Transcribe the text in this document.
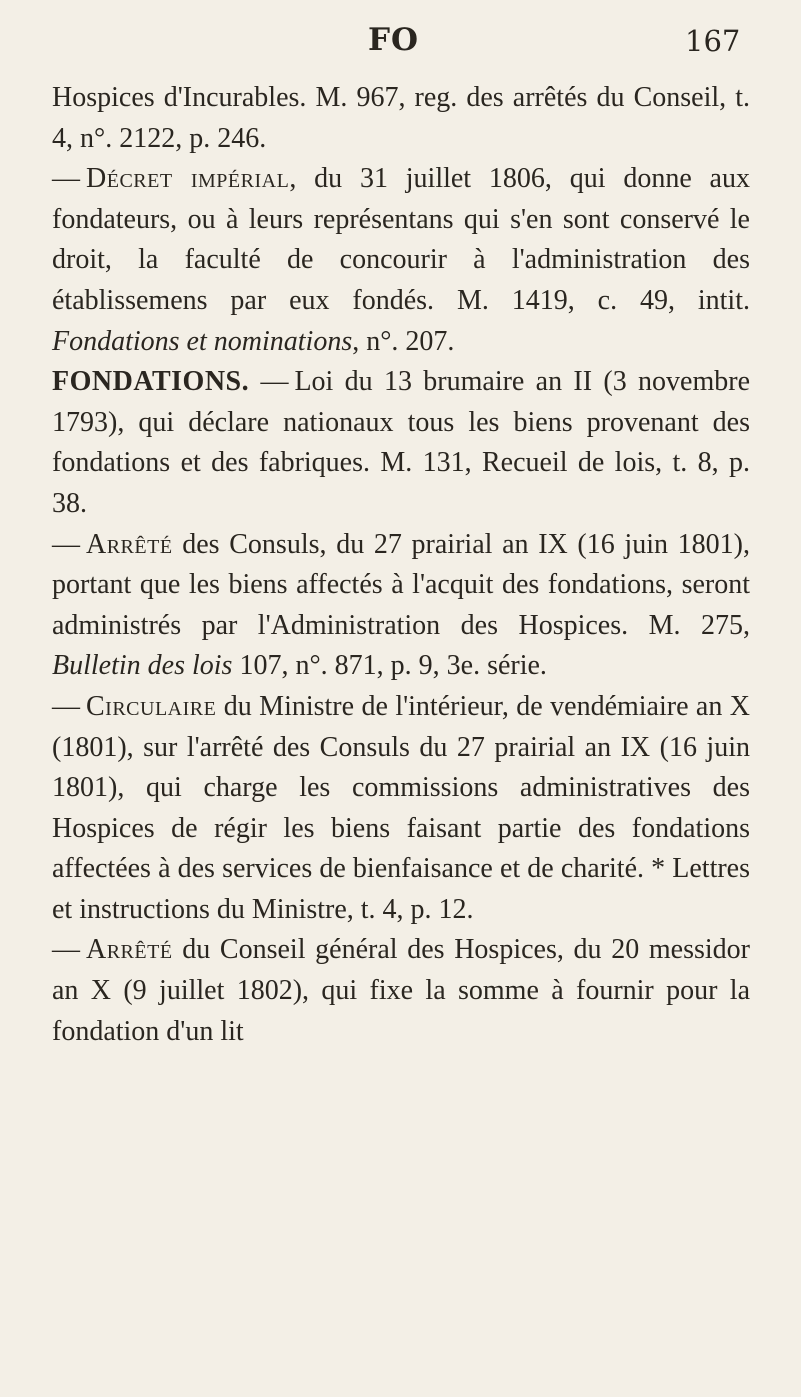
FO	167

Hospices d'Incurables. M. 967, reg. des arrêtés du Conseil, t. 4, n°. 2122, p. 246.

— Décret impérial, du 31 juillet 1806, qui donne aux fondateurs, ou à leurs représentans qui s'en sont conservé le droit, la faculté de concourir à l'administration des établissemens par eux fondés. M. 1419, c. 49, intit. Fondations et nominations, n°. 207.

FONDATIONS. — Loi du 13 brumaire an II (3 novembre 1793), qui déclare nationaux tous les biens provenant des fondations et des fabriques. M. 131, Recueil de lois, t. 8, p. 38.

— Arrêté des Consuls, du 27 prairial an IX (16 juin 1801), portant que les biens affectés à l'acquit des fondations, seront administrés par l'Administration des Hospices. M. 275, Bulletin des lois 107, n°. 871, p. 9, 3e. série.

— Circulaire du Ministre de l'intérieur, de vendémiaire an X (1801), sur l'arrêté des Consuls du 27 prairial an IX (16 juin 1801), qui charge les commissions administratives des Hospices de régir les biens faisant partie des fondations affectées à des services de bienfaisance et de charité. * Lettres et instructions du Ministre, t. 4, p. 12.

— Arrêté du Conseil général des Hospices, du 20 messidor an X (9 juillet 1802), qui fixe la somme à fournir pour la fondation d'un lit
